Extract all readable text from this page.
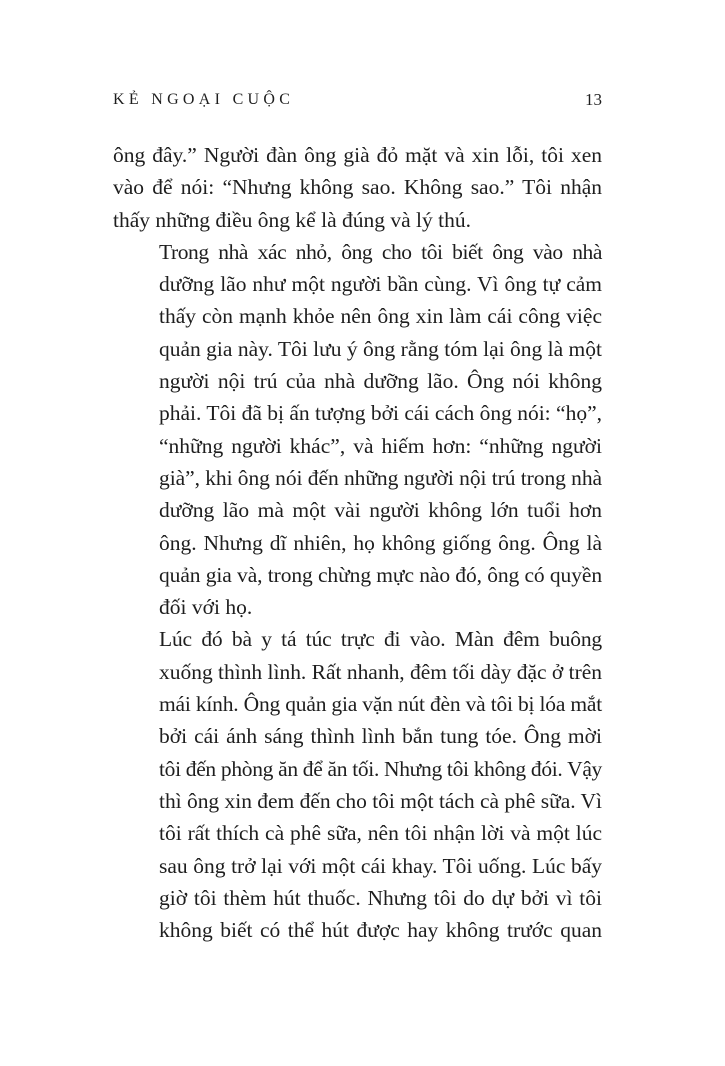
KẺ NGOẠI CUỘC	13

ông đây.” Người đàn ông già đỏ mặt và xin lỗi, tôi xen
vào để nói: “Nhưng không sao. Không sao.” Tôi nhận
thấy những điều ông kể là đúng và lý thú.

Trong nhà xác nhỏ, ông cho tôi biết ông vào nhà
dưỡng lão như một người bần cùng. Vì ông tự cảm
thấy còn mạnh khỏe nên ông xin làm cái công việc
quản gia này. Tôi lưu ý ông rằng tóm lại ông là một
người nội trú của nhà dưỡng lão. Ông nói không
phải. Tôi đã bị ấn tượng bởi cái cách ông nói: “họ”,
“những người khác”, và hiếm hơn: “những người
già”, khi ông nói đến những người nội trú trong nhà
dưỡng lão mà một vài người không lớn tuổi hơn
ông. Nhưng dĩ nhiên, họ không giống ông. Ông là
quản gia và, trong chừng mực nào đó, ông có quyền
đối với họ.

Lúc đó bà y tá túc trực đi vào. Màn đêm buông
xuống thình lình. Rất nhanh, đêm tối dày đặc ở trên
mái kính. Ông quản gia vặn nút đèn và tôi bị lóa mắt
bởi cái ánh sáng thình lình bắn tung tóe. Ông mời
tôi đến phòng ăn để ăn tối. Nhưng tôi không đói. Vậy
thì ông xin đem đến cho tôi một tách cà phê sữa. Vì
tôi rất thích cà phê sữa, nên tôi nhận lời và một lúc
sau ông trở lại với một cái khay. Tôi uống. Lúc bấy
giờ tôi thèm hút thuốc. Nhưng tôi do dự bởi vì tôi
không biết có thể hút được hay không trước quan
